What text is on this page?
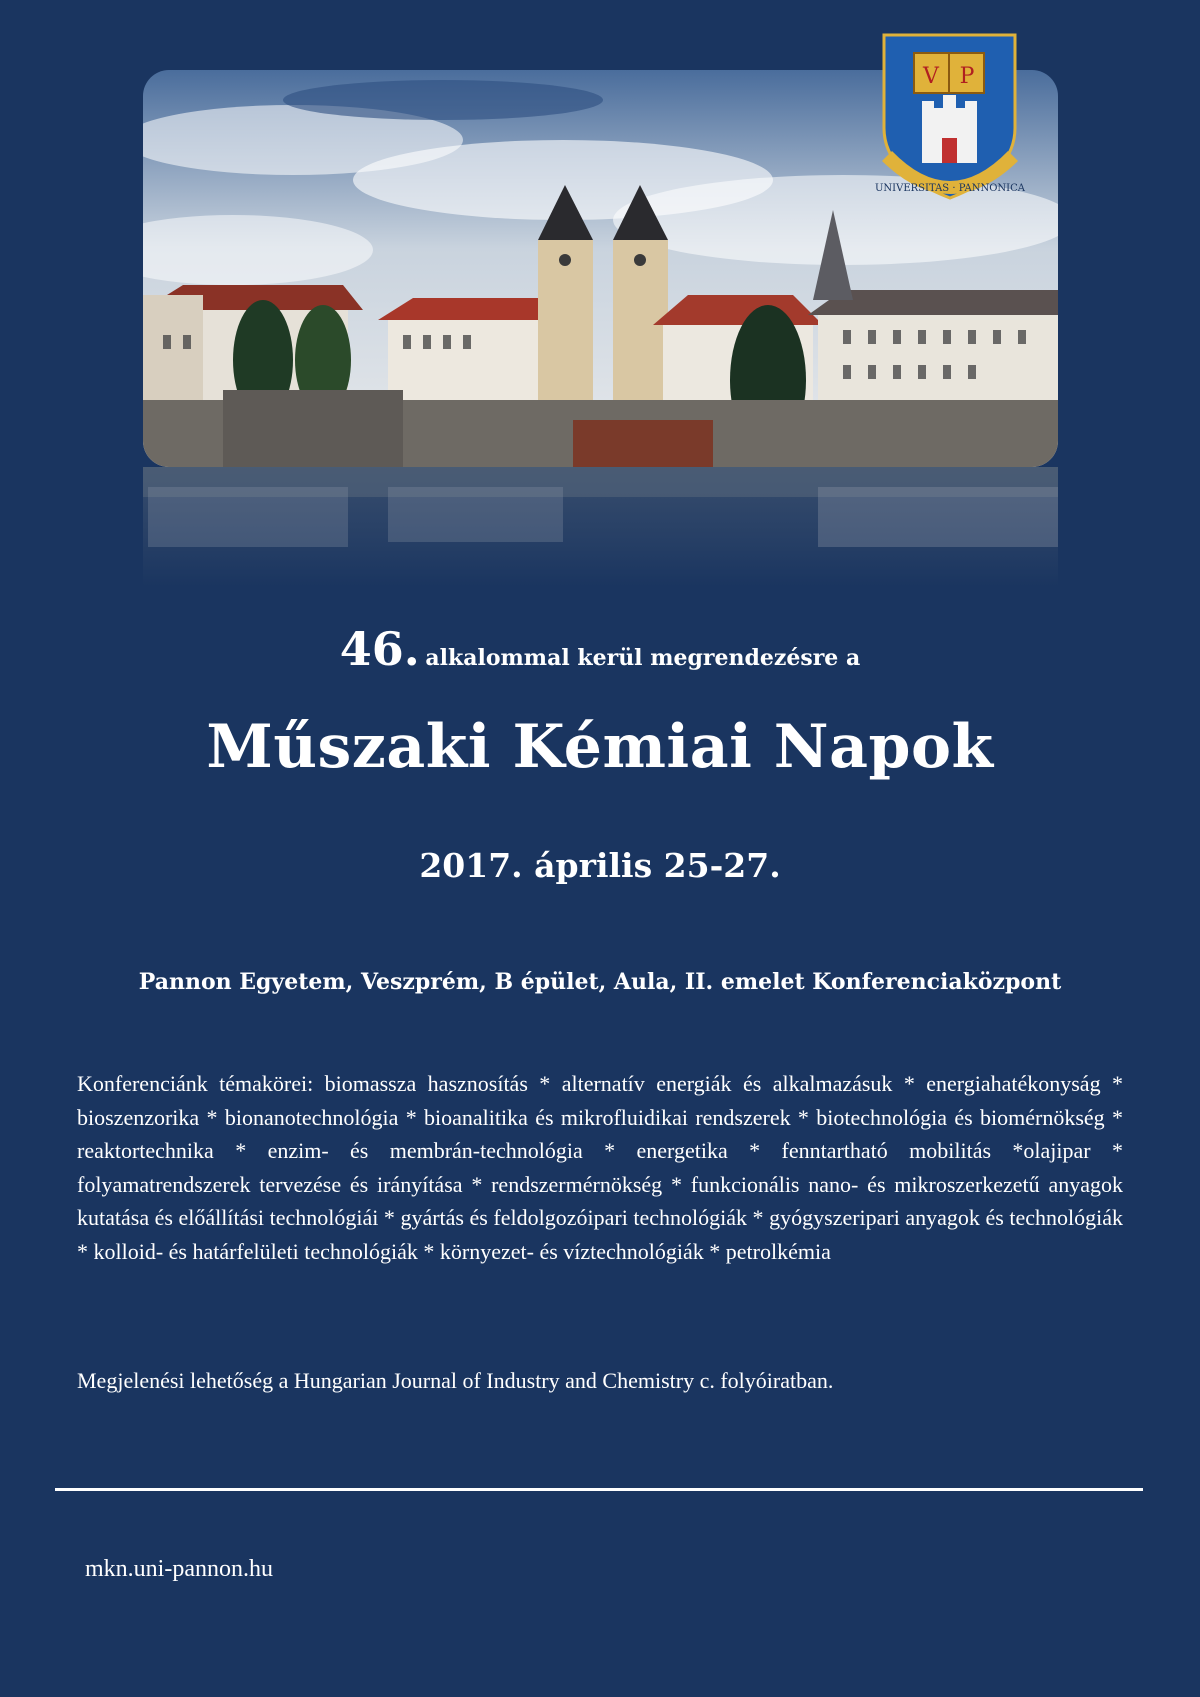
V P
UNIVERSITAS · PANNONICA
46. alkalommal kerül megrendezésre a
Műszaki Kémiai Napok
2017. április 25-27.
Pannon Egyetem, Veszprém, B épület, Aula, II. emelet Konferenciaközpont
Konferenciánk témakörei: biomassza hasznosítás * alternatív energiák és alkalmazásuk * energiahatékonyság * bioszenzorika * bionanotechnológia * bioanalitika és mikrofluidikai rendszerek * biotechnológia és biomérnökség * reaktortechnika * enzim- és membrán-technológia * energetika * fenntartható mobilitás *olajipar * folyamatrendszerek tervezése és irányítása * rendszermérnökség * funkcionális nano- és mikroszerkezetű anyagok kutatása és előállítási technológiái * gyártás és feldolgozóipari technológiák * gyógyszeripari anyagok és technológiák * kolloid- és határfelületi technológiák * környezet- és víztechnológiák * petrolkémia
Megjelenési lehetőség a Hungarian Journal of Industry and Chemistry c. folyóiratban.
mkn.uni-pannon.hu
